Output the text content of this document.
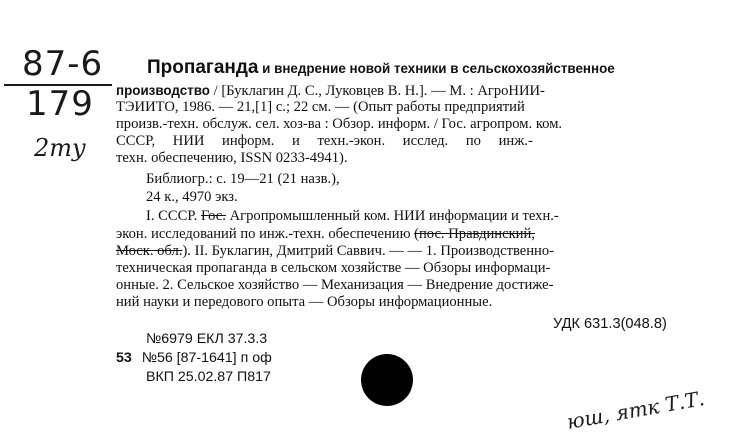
87-6
179
2ту
Пропаганда и внедрение новой техники в сельскохозяйственное
производство / [Буклагин Д. С., Луковцев В. Н.]. — М. : АгроНИИ-
ТЭИИТО, 1986. — 21,[1] с.; 22 см. — (Опыт работы предприятий
произв.-техн. обслуж. сел. хоз-ва : Обзор. информ. / Гос. агропром. ком.
СССР, НИИ информ. и техн.-экон. исслед. по инж.-
техн. обеспечению, ISSN 0233-4941).
Библиогр.: с. 19—21 (21 назв.),
24 к., 4970 экз.
I. СССР. Гос. Агропромышленный ком. НИИ информации и техн.-
экон. исследований по инж.-техн. обеспечению (пос. Правдинский,
Моск. обл.). II. Буклагин, Дмитрий Саввич. — — 1. Производственно-
техническая пропаганда в сельском хозяйстве — Обзоры информаци-
онные. 2. Сельское хозяйство — Механизация — Внедрение достиже-
ний науки и передового опыта — Обзоры информационные.
УДК 631.3(048.8)
№6979 ЕКЛ 37.3.3
53 №56 [87-1641] п оф
ВКП 25.02.87 П817
юш, ятк Т.Т.
